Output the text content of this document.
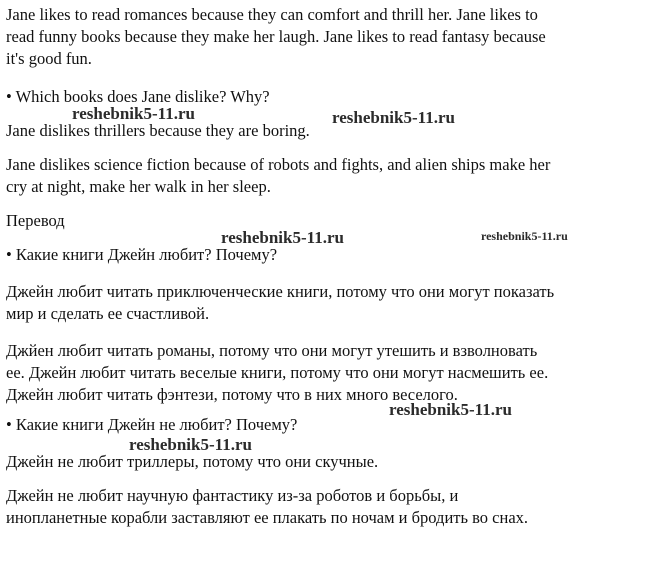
Jane likes to read romances because they can comfort and thrill her. Jane likes to
read funny books because they make her laugh. Jane likes to read fantasy because
it's good fun.

• Which books does Jane dislike? Why?

Jane dislikes thrillers because they are boring.

Jane dislikes science fiction because of robots and fights, and alien ships make her
cry at night, make her walk in her sleep.

Перевод

• Какие книги Джейн любит? Почему?

Джейн любит читать приключенческие книги, потому что они могут показать
мир и сделать ее счастливой.

Джйен любит читать романы, потому что они могут утешить и взволновать
ее. Джейн любит читать веселые книги, потому что они могут насмешить ее.
Джейн любит читать фэнтези, потому что в них много веселого.

• Какие книги Джейн не любит? Почему?

Джейн не любит триллеры, потому что они скучные.

Джейн не любит научную фантастику из-за роботов и борьбы, и
инопланетные корабли заставляют ее плакать по ночам и бродить во снах.

reshebnik5-11.ru	reshebnik5-11.ru
reshebnik5-11.ru	reshebnik5-11.ru
reshebnik5-11.ru
reshebnik5-11.ru
